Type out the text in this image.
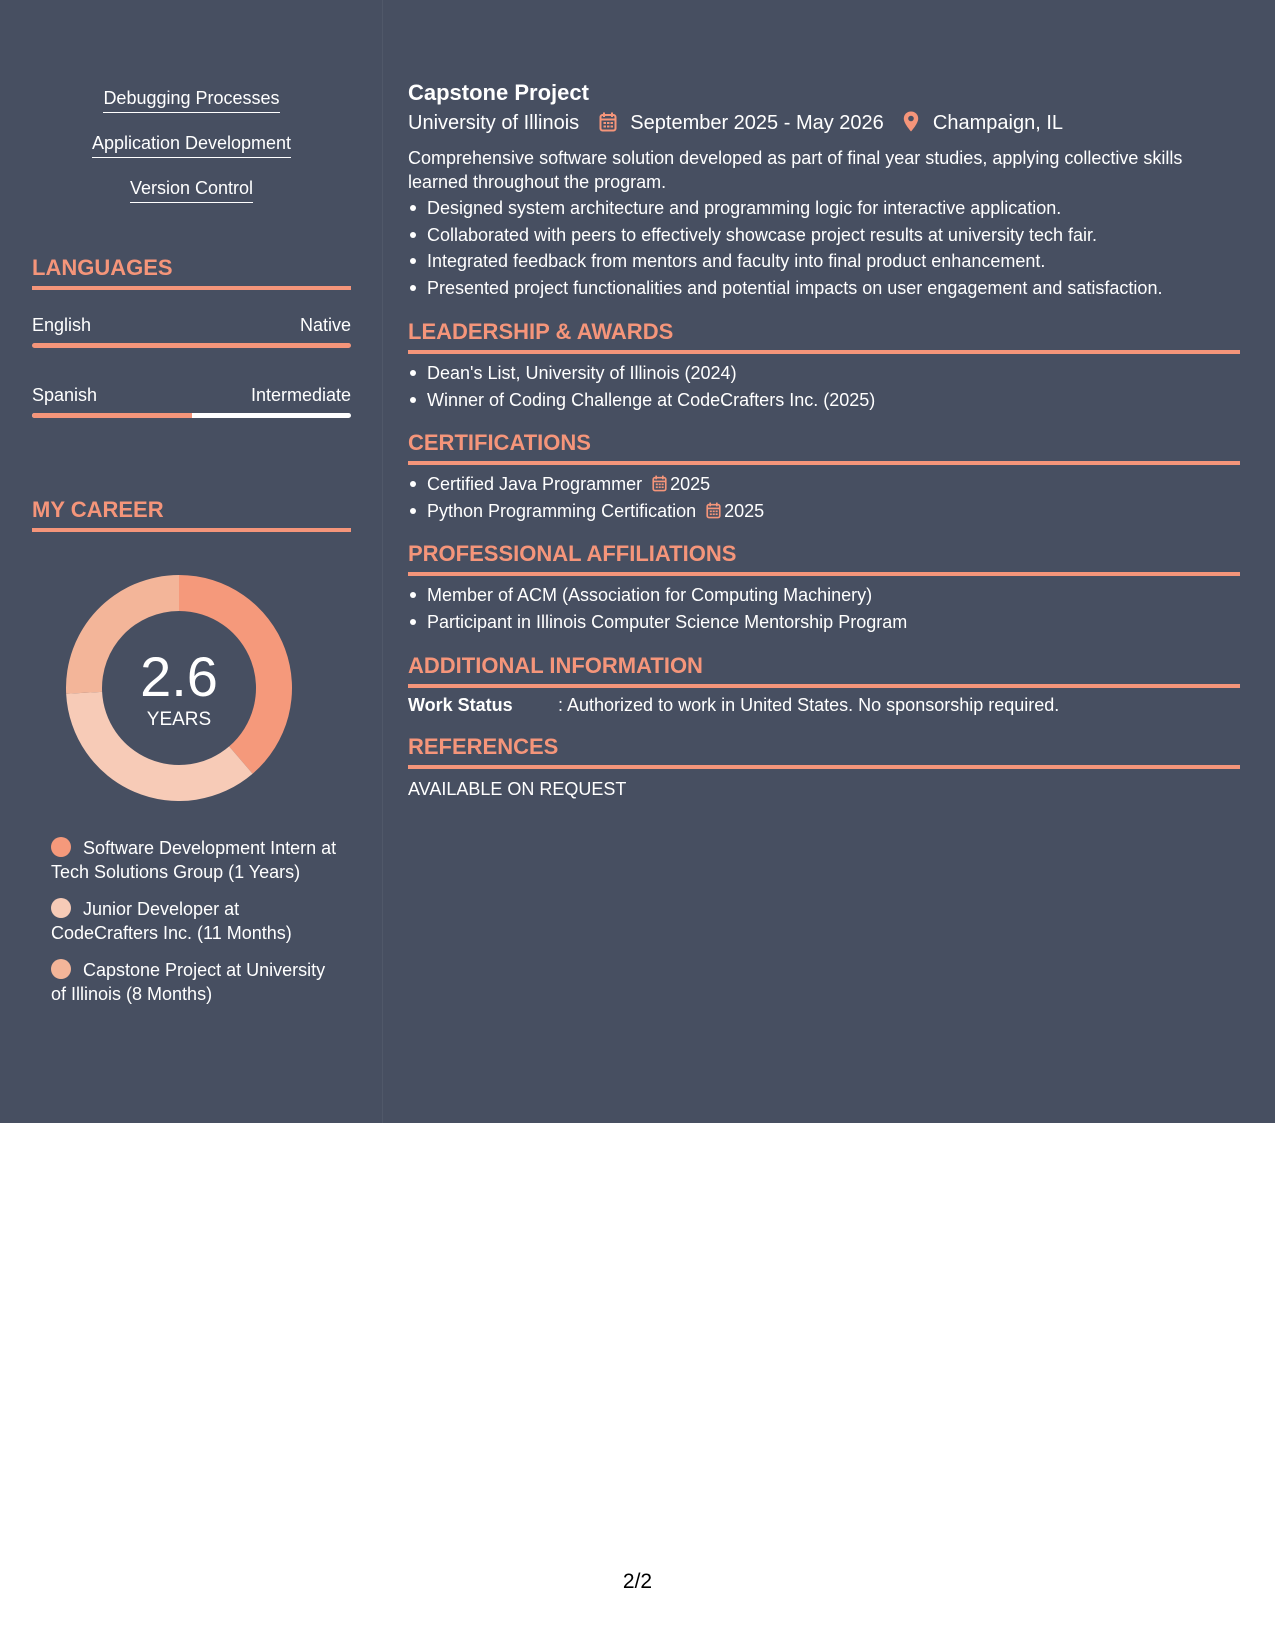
Debugging Processes
Application Development
Version Control
LANGUAGES
English	Native
Spanish	Intermediate
MY CAREER
2.6
YEARS
Software Development Intern at Tech Solutions Group (1 Years)
Junior Developer at CodeCrafters Inc. (11 Months)
Capstone Project at University of Illinois (8 Months)
Capstone Project
University of Illinois	September 2025 - May 2026 Champaign, IL
Comprehensive software solution developed as part of final year studies, applying collective skills learned throughout the program.
Designed system architecture and programming logic for interactive application.
Collaborated with peers to effectively showcase project results at university tech fair.
Integrated feedback from mentors and faculty into final product enhancement.
Presented project functionalities and potential impacts on user engagement and satisfaction.
LEADERSHIP & AWARDS
Dean's List, University of Illinois (2024)
Winner of Coding Challenge at CodeCrafters Inc. (2025)
CERTIFICATIONS
Certified Java Programmer 2025
Python Programming Certification 2025
PROFESSIONAL AFFILIATIONS
Member of ACM (Association for Computing Machinery)
Participant in Illinois Computer Science Mentorship Program
ADDITIONAL INFORMATION
Work Status	: Authorized to work in United States. No sponsorship required.
REFERENCES
AVAILABLE ON REQUEST
2/2
